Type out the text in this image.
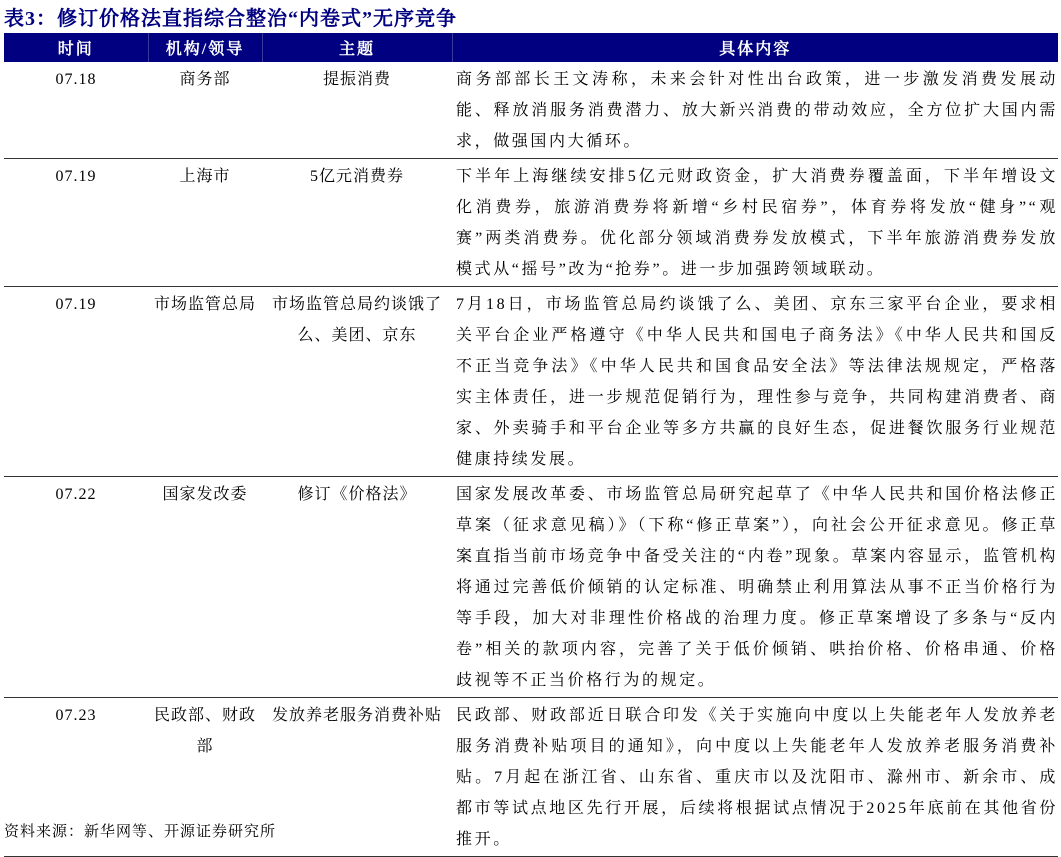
表3：修订价格法直指综合整治“内卷式”无序竞争
时间	机构/领导	主题	具体内容
07.18	商务部	提振消费	商务部部长王文涛称，未来会针对性出台政策，进一步激发消费发展动能、释放消服务消费潜力、放大新兴消费的带动效应，全方位扩大国内需求，做强国内大循环。
07.19	上海市	5亿元消费券	下半年上海继续安排5亿元财政资金，扩大消费券覆盖面，下半年增设文化消费券，旅游消费券将新增“乡村民宿券”，体育券将发放“健身”“观赛”两类消费券。优化部分领域消费券发放模式，下半年旅游消费券发放模式从“摇号”改为“抢券”。进一步加强跨领域联动。
07.19	市场监管总局	市场监管总局约谈饿了么、美团、京东	7月18日，市场监管总局约谈饿了么、美团、京东三家平台企业，要求相关平台企业严格遵守《中华人民共和国电子商务法》《中华人民共和国反不正当竞争法》《中华人民共和国食品安全法》等法律法规规定，严格落实主体责任，进一步规范促销行为，理性参与竞争，共同构建消费者、商家、外卖骑手和平台企业等多方共赢的良好生态，促进餐饮服务行业规范健康持续发展。
07.22	国家发改委	修订《价格法》	国家发展改革委、市场监管总局研究起草了《中华人民共和国价格法修正草案（征求意见稿）》（下称“修正草案”），向社会公开征求意见。修正草案直指当前市场竞争中备受关注的“内卷”现象。草案内容显示，监管机构将通过完善低价倾销的认定标准、明确禁止利用算法从事不正当价格行为等手段，加大对非理性价格战的治理力度。修正草案增设了多条与“反内卷”相关的款项内容，完善了关于低价倾销、哄抬价格、价格串通、价格歧视等不正当价格行为的规定。
07.23	民政部、财政部	发放养老服务消费补贴	民政部、财政部近日联合印发《关于实施向中度以上失能老年人发放养老服务消费补贴项目的通知》，向中度以上失能老年人发放养老服务消费补贴。7月起在浙江省、山东省、重庆市以及沈阳市、滁州市、新余市、成都市等试点地区先行开展，后续将根据试点情况于2025年底前在其他省份推开。
资料来源：新华网等、开源证券研究所
